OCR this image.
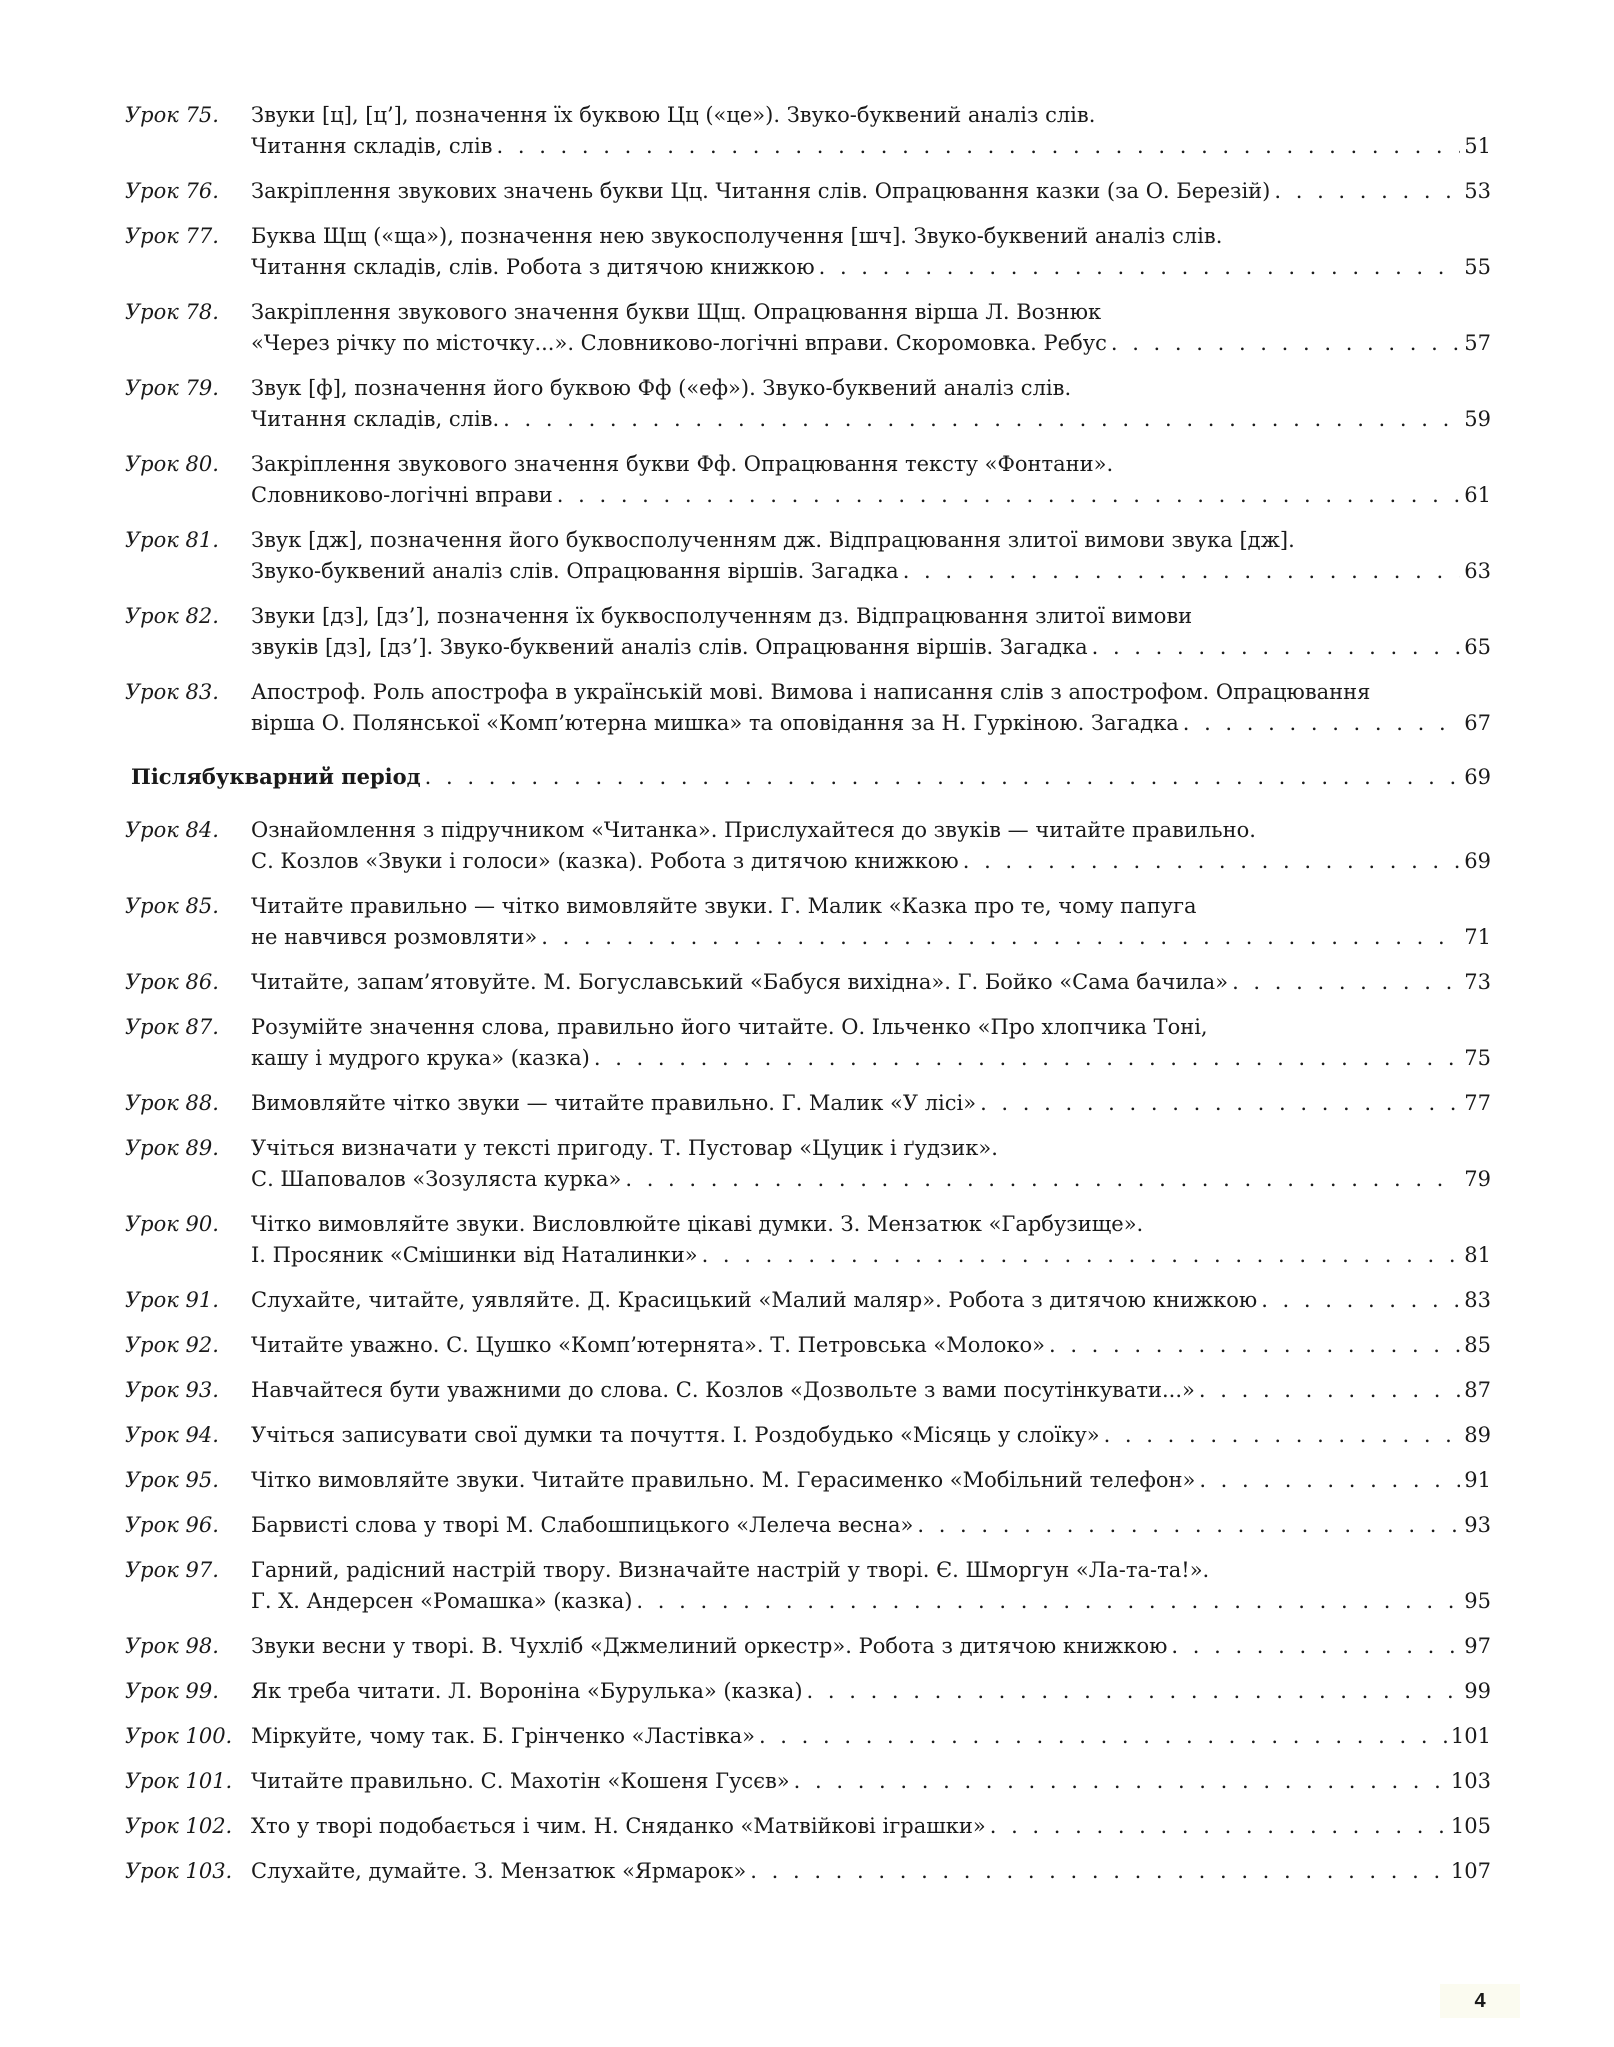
Урок 75. Звуки [ц], [ц’], позначення їх буквою Цц («це»). Звуко-буквений аналіз слів.
Читання складів, слів . . .	51
Урок 76. Закріплення звукових значень букви Цц. Читання слів. Опрацювання казки (за О. Березій) . . .	53
Урок 77. Буква Щщ («ща»), позначення нею звукосполучення [шч]. Звуко-буквений аналіз слів.
Читання складів, слів. Робота з дитячою книжкою . . .	55
Урок 78. Закріплення звукового значення букви Щщ. Опрацювання вірша Л. Вознюк
«Через річку по місточку...». Словниково-логічні вправи. Скоромовка. Ребус . . .	57
Урок 79. Звук [ф], позначення його буквою Фф («еф»). Звуко-буквений аналіз слів.
Читання складів, слів. . . .	59
Урок 80. Закріплення звукового значення букви Фф. Опрацювання тексту «Фонтани».
Словниково-логічні вправи . . .	61
Урок 81. Звук [дж], позначення його буквосполученням дж. Відпрацювання злитої вимови звука [дж].
Звуко-буквений аналіз слів. Опрацювання віршів. Загадка . . .	63
Урок 82. Звуки [дз], [дз’], позначення їх буквосполученням дз. Відпрацювання злитої вимови
звуків [дз], [дз’]. Звуко-буквений аналіз слів. Опрацювання віршів. Загадка . . .	65
Урок 83. Апостроф. Роль апострофа в українській мові. Вимова і написання слів з апострофом. Опрацювання
вірша О. Полянської «Комп’ютерна мишка» та оповідання за Н. Гуркіною. Загадка . . .	67
Післябукварний період . . .	69
Урок 84. Ознайомлення з підручником «Читанка». Прислухайтеся до звуків — читайте правильно.
С. Козлов «Звуки і голоси» (казка). Робота з дитячою книжкою . . .	69
Урок 85. Читайте правильно — чітко вимовляйте звуки. Г. Малик «Казка про те, чому папуга
не навчився розмовляти» . . .	71
Урок 86. Читайте, запам’ятовуйте. М. Богуславський «Бабуся вихідна». Г. Бойко «Сама бачила» . . .	73
Урок 87. Розумійте значення слова, правильно його читайте. О. Ільченко «Про хлопчика Тоні,
кашу і мудрого крука» (казка) . . .	75
Урок 88. Вимовляйте чітко звуки — читайте правильно. Г. Малик «У лісі» . . .	77
Урок 89. Учіться визначати у тексті пригоду. Т. Пустовар «Цуцик і ґудзик».
С. Шаповалов «Зозуляста курка» . . .	79
Урок 90. Чітко вимовляйте звуки. Висловлюйте цікаві думки. З. Мензатюк «Гарбузище».
І. Просяник «Смішинки від Наталинки» . . .	81
Урок 91. Слухайте, читайте, уявляйте. Д. Красицький «Малий маляр». Робота з дитячою книжкою . . .	83
Урок 92. Читайте уважно. С. Цушко «Комп’ютернята». Т. Петровська «Молоко» . . .	85
Урок 93. Навчайтеся бути уважними до слова. С. Козлов «Дозвольте з вами посутінкувати...» . . .	87
Урок 94. Учіться записувати свої думки та почуття. І. Роздобудько «Місяць у слоїку» . . .	89
Урок 95. Чітко вимовляйте звуки. Читайте правильно. М. Герасименко «Мобільний телефон» . . .	91
Урок 96. Барвисті слова у творі М. Слабошпицького «Лелеча весна» . . .	93
Урок 97. Гарний, радісний настрій твору. Визначайте настрій у творі. Є. Шморгун «Ла-та-та!».
Г. Х. Андерсен «Ромашка» (казка) . . .	95
Урок 98. Звуки весни у творі. В. Чухліб «Джмелиний оркестр». Робота з дитячою книжкою . . .	97
Урок 99. Як треба читати. Л. Вороніна «Бурулька» (казка) . . .	99
Урок 100. Міркуйте, чому так. Б. Грінченко «Ластівка» . . .	101
Урок 101. Читайте правильно. С. Махотін «Кошеня Гусєв» . . .	103
Урок 102. Хто у творі подобається і чим. Н. Сняданко «Матвійкові іграшки» . . .	105
Урок 103. Слухайте, думайте. З. Мензатюк «Ярмарок» . . .	107
4
